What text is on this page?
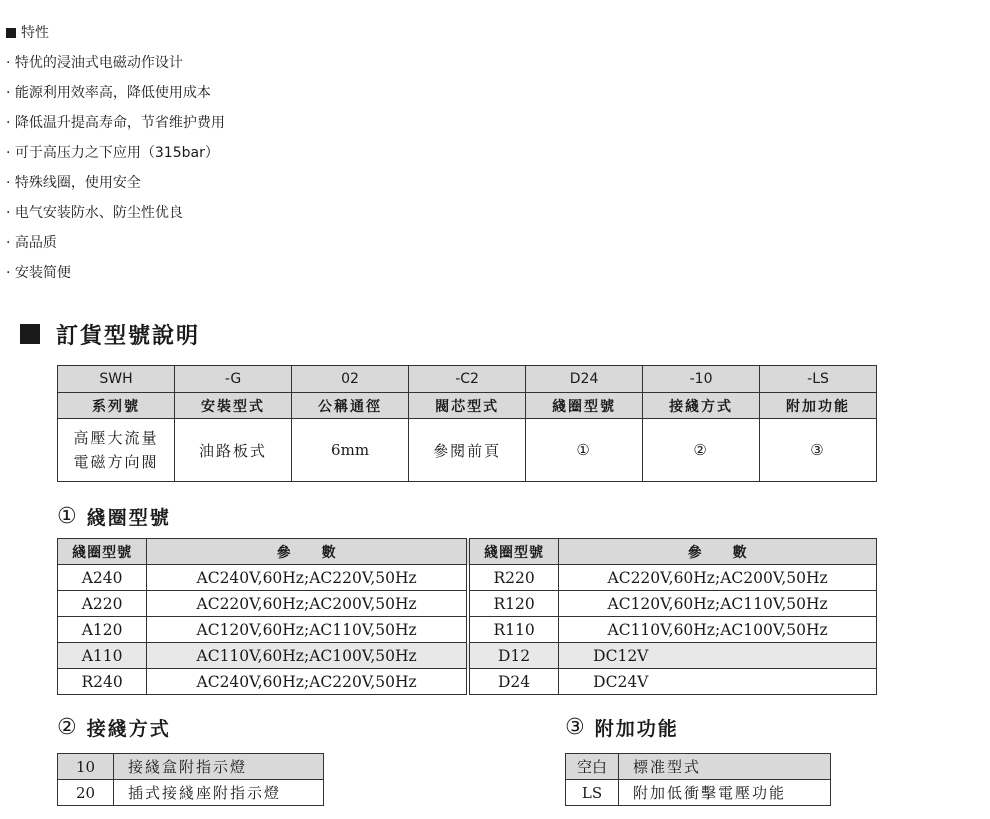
特性
· 特优的浸油式电磁动作设计
· 能源利用效率高，降低使用成本
· 降低温升提高寿命，节省维护费用
· 可于高压力之下应用（315bar）
· 特殊线圈，使用安全
· 电气安装防水、防尘性优良
· 高品质
· 安装简便
訂貨型號說明
SWH	-G	02	-C2	D24	-10	-LS
系列號	安裝型式	公稱通徑	閥芯型式	綫圈型號	接綫方式	附加功能
高壓大流量
電磁方向閥	油路板式	6mm	參閱前頁	①	②	③
① 綫圈型號
綫圈型號	參　　數		綫圈型號	參　　數
A240	AC240V,60Hz;AC220V,50Hz		R220	AC220V,60Hz;AC200V,50Hz
A220	AC220V,60Hz;AC200V,50Hz		R120	AC120V,60Hz;AC110V,50Hz
A120	AC120V,60Hz;AC110V,50Hz		R110	AC110V,60Hz;AC100V,50Hz
A110	AC110V,60Hz;AC100V,50Hz		D12	DC12V
R240	AC240V,60Hz;AC220V,50Hz		D24	DC24V
② 接綫方式
10	接綫盒附指示燈
20	插式接綫座附指示燈
③ 附加功能
空白	標准型式
LS	附加低衝擊電壓功能
